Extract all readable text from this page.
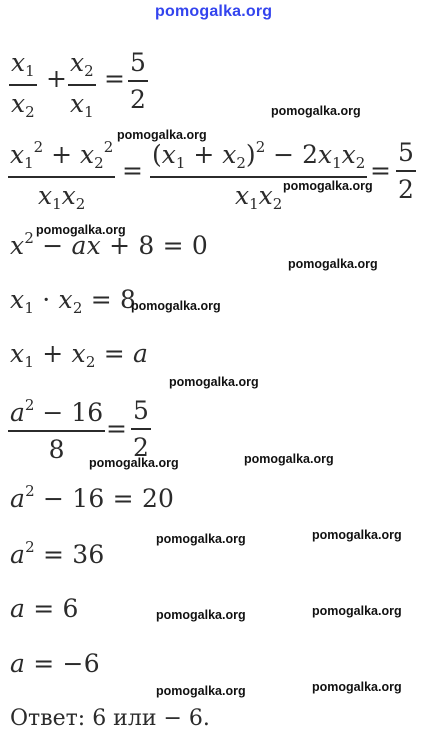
pomogalka.org
$x_1$
$x_2$
+
$x_2$
$x_1$
=
5
2
$x_1^2 + x_2^2$
$x_1x_2$
=
$(x_1 + x_2)^2 - 2x_1x_2$
$x_1x_2$
=
5
2
$x^2$ − ax + 8 = 0
$x_1 \cdot x_2 = 8$
$x_1 + x_2 = a$
$a^2 - 16$
8
=
5
2
$a^2 - 16 = 20$
$a^2 = 36$
a = 6
a = −6
Ответ: 6 или − 6.
pomogalka.org
pomogalka.org
pomogalka.org
pomogalka.org
pomogalka.org
pomogalka.org
pomogalka.org
pomogalka.org	pomogalka.org
pomogalka.org	pomogalka.org
pomogalka.org	pomogalka.org
pomogalka.org	pomogalka.org
